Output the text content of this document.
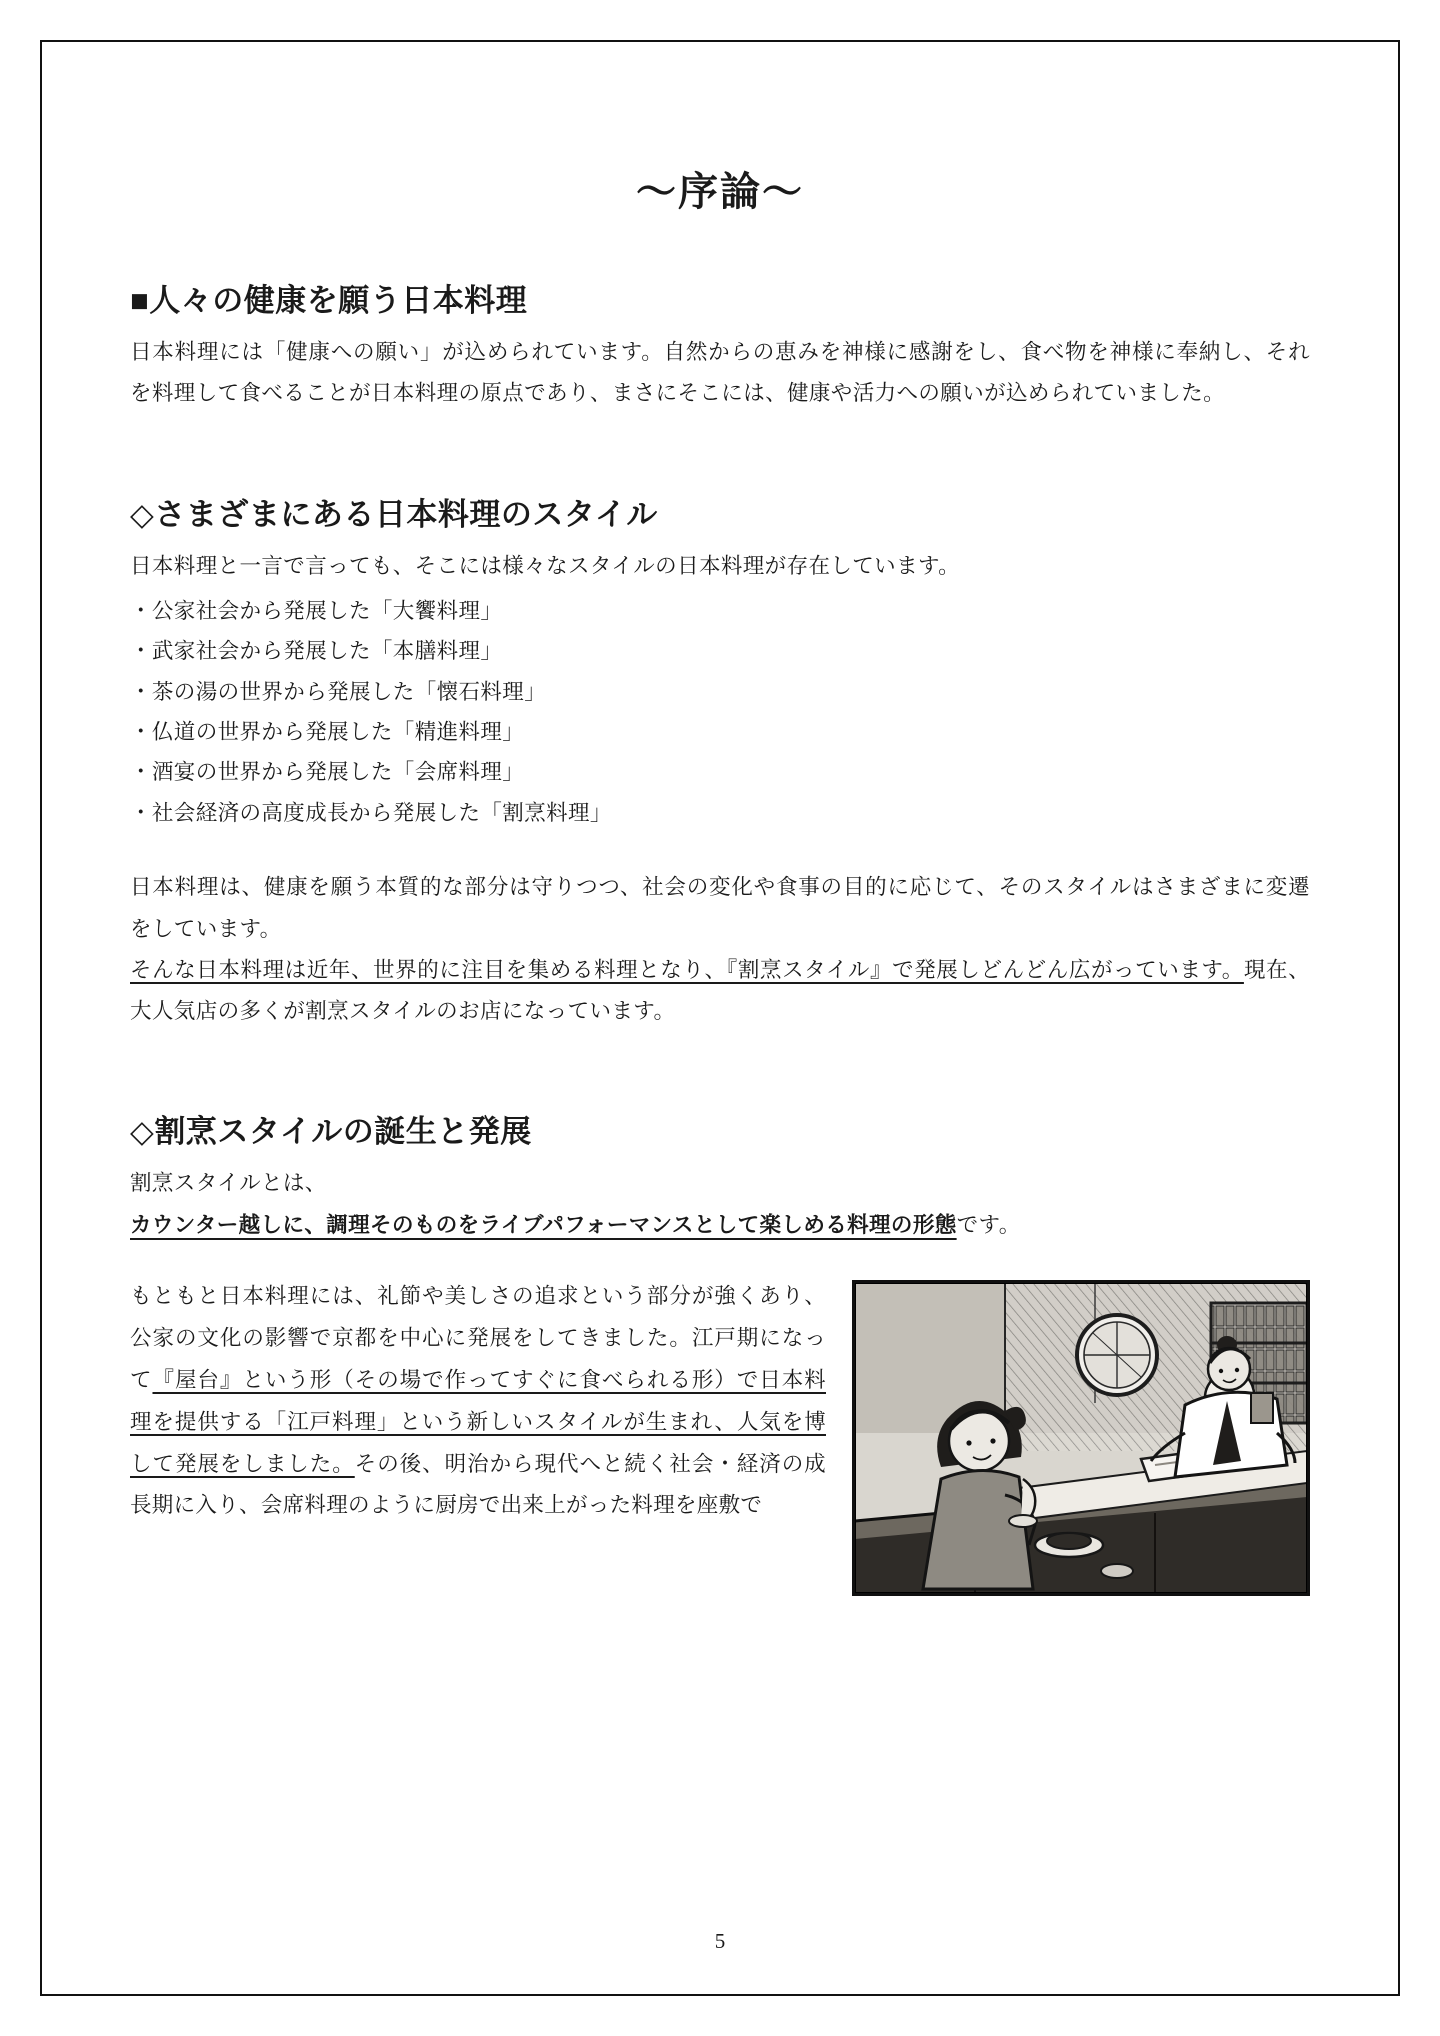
〜序論〜
■人々の健康を願う日本料理

日本料理には「健康への願い」が込められています。自然からの恵みを神様に感謝をし、食べ物を神様に奉納し、それを料理して食べることが日本料理の原点であり、まさにそこには、健康や活力への願いが込められていました。

◇さまざまにある日本料理のスタイル

日本料理と一言で言っても、そこには様々なスタイルの日本料理が存在しています。

・公家社会から発展した「大饗料理」
・武家社会から発展した「本膳料理」
・茶の湯の世界から発展した「懐石料理」
・仏道の世界から発展した「精進料理」
・酒宴の世界から発展した「会席料理」
・社会経済の高度成長から発展した「割烹料理」

日本料理は、健康を願う本質的な部分は守りつつ、社会の変化や食事の目的に応じて、そのスタイルはさまざまに変遷をしています。

そんな日本料理は近年、世界的に注目を集める料理となり、『割烹スタイル』で発展しどんどん広がっています。現在、大人気店の多くが割烹スタイルのお店になっています。

◇割烹スタイルの誕生と発展

割烹スタイルとは、

カウンター越しに、調理そのものをライブパフォーマンスとして楽しめる料理の形態です。

もともと日本料理には、礼節や美しさの追求という部分が強くあり、公家の文化の影響で京都を中心に発展をしてきました。江戸期になって『屋台』という形（その場で作ってすぐに食べられる形）で日本料理を提供する「江戸料理」という新しいスタイルが生まれ、人気を博して発展をしました。その後、明治から現代へと続く社会・経済の成長期に入り、会席料理のように厨房で出来上がった料理を座敷で
5
